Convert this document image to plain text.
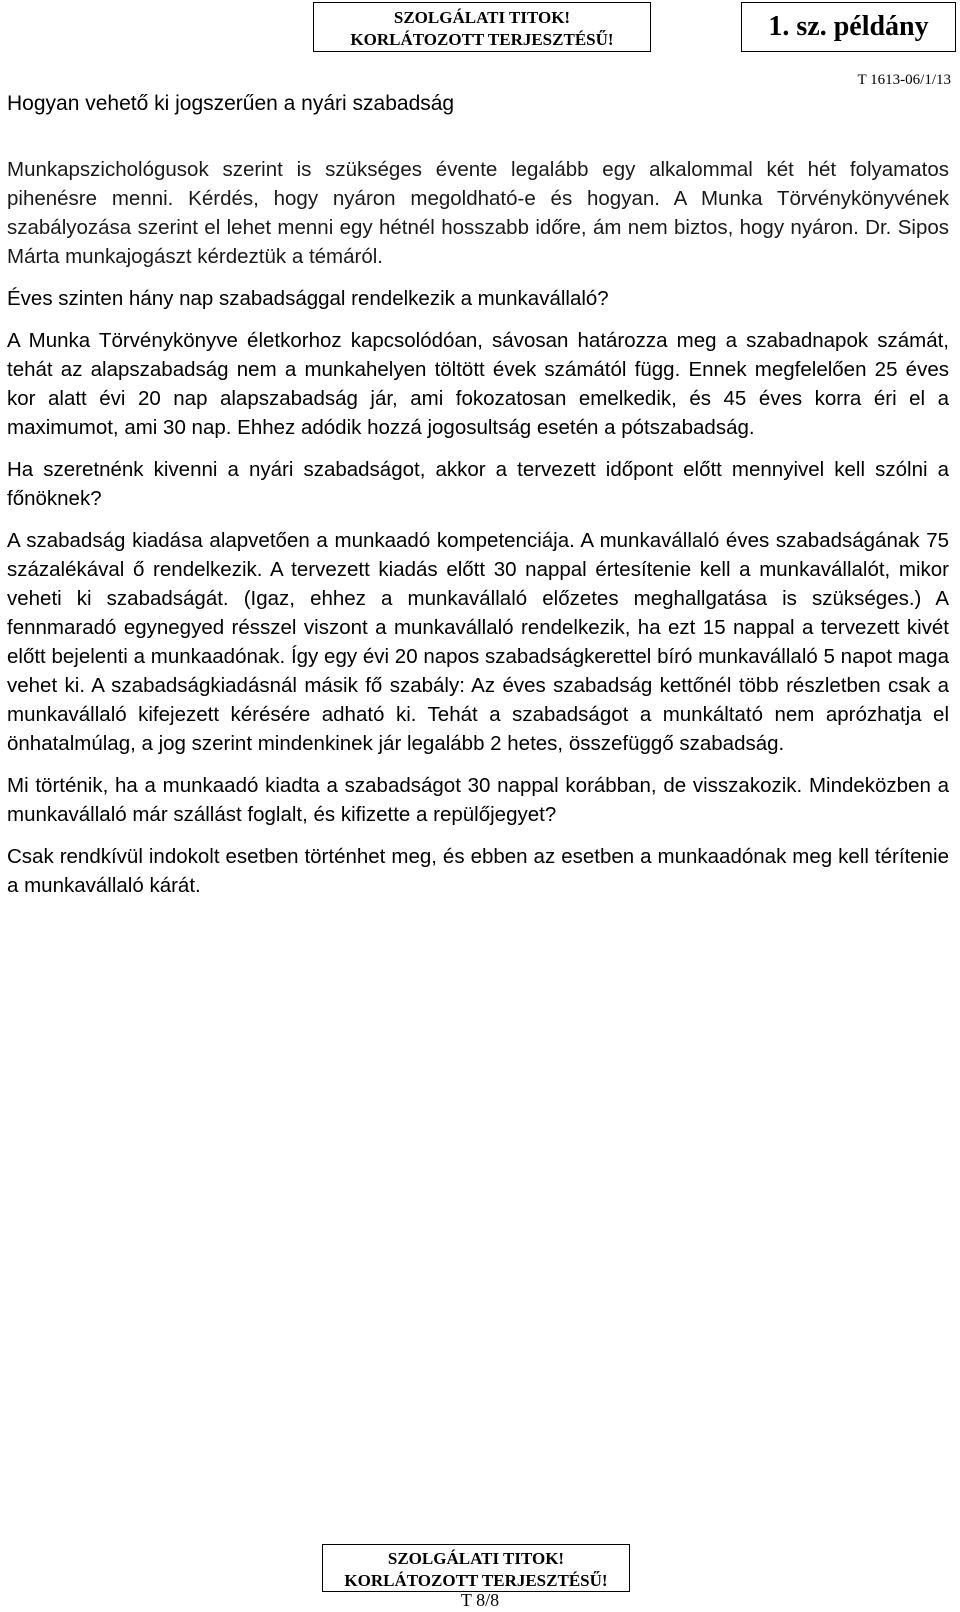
SZOLGÁLATI TITOK!
KORLÁTOZOTT TERJESZTÉSŰ!	1. sz. példány
T 1613-06/1/13
Hogyan vehető ki jogszerűen a nyári szabadság

Munkapszichológusok szerint is szükséges évente legalább egy alkalommal két hét folyamatos pihenésre menni. Kérdés, hogy nyáron megoldható-e és hogyan. A Munka Törvénykönyvének szabályozása szerint el lehet menni egy hétnél hosszabb időre, ám nem biztos, hogy nyáron. Dr. Sipos Márta munkajogászt kérdeztük a témáról.

Éves szinten hány nap szabadsággal rendelkezik a munkavállaló?

A Munka Törvénykönyve életkorhoz kapcsolódóan, sávosan határozza meg a szabadnapok számát, tehát az alapszabadság nem a munkahelyen töltött évek számától függ. Ennek megfelelően 25 éves kor alatt évi 20 nap alapszabadság jár, ami fokozatosan emelkedik, és 45 éves korra éri el a maximumot, ami 30 nap. Ehhez adódik hozzá jogosultság esetén a pótszabadság.

Ha szeretnénk kivenni a nyári szabadságot, akkor a tervezett időpont előtt mennyivel kell szólni a főnöknek?

A szabadság kiadása alapvetően a munkaadó kompetenciája. A munkavállaló éves szabadságának 75 százalékával ő rendelkezik. A tervezett kiadás előtt 30 nappal értesítenie kell a munkavállalót, mikor veheti ki szabadságát. (Igaz, ehhez a munkavállaló előzetes meghallgatása is szükséges.) A fennmaradó egynegyed résszel viszont a munkavállaló rendelkezik, ha ezt 15 nappal a tervezett kivét előtt bejelenti a munkaadónak. Így egy évi 20 napos szabadságkerettel bíró munkavállaló 5 napot maga vehet ki. A szabadságkiadásnál másik fő szabály: Az éves szabadság kettőnél több részletben csak a munkavállaló kifejezett kérésére adható ki. Tehát a szabadságot a munkáltató nem aprózhatja el önhatalmúlag, a jog szerint mindenkinek jár legalább 2 hetes, összefüggő szabadság.

Mi történik, ha a munkaadó kiadta a szabadságot 30 nappal korábban, de visszakozik. Mindeközben a munkavállaló már szállást foglalt, és kifizette a repülőjegyet?

Csak rendkívül indokolt esetben történhet meg, és ebben az esetben a munkaadónak meg kell térítenie a munkavállaló kárát.

SZOLGÁLATI TITOK!
KORLÁTOZOTT TERJESZTÉSŰ!
T 8/8
